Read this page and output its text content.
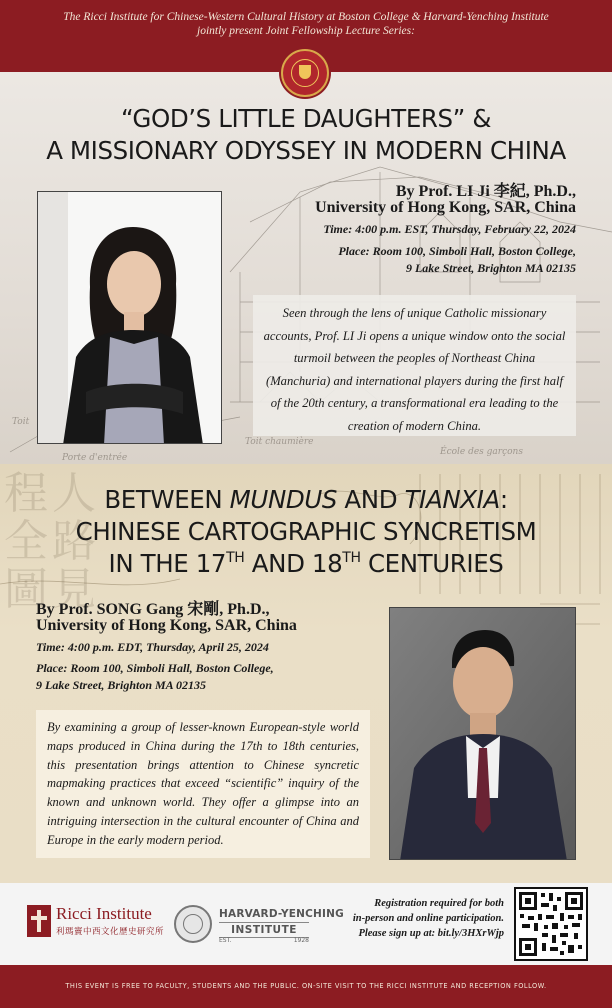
The Ricci Institute for Chinese-Western Cultural History at Boston College & Harvard-Yenching Institute
jointly present Joint Fellowship Lecture Series:
Toit
Porte d'entrée
Toit chaumière
École des garçons
“GOD’S LITTLE DAUGHTERS” &
A MISSIONARY ODYSSEY IN MODERN CHINA
By Prof. LI Ji 李紀, Ph.D.,
University of Hong Kong, SAR, China
Time: 4:00 p.m. EST, Thursday, February 22, 2024
Place: Room 100, Simboli Hall, Boston College,
9 Lake Street, Brighton MA 02135
Seen through the lens of unique Catholic missionary accounts, Prof. LI Ji opens a unique window onto the social turmoil between the peoples of Northeast China (Manchuria) and international players during the first half of the 20th century, a transformational era leading to the creation of modern China.
程
全
圖
人
路
見
BETWEEN MUNDUS AND TIANXIA:
CHINESE CARTOGRAPHIC SYNCRETISM
IN THE 17TH AND 18TH CENTURIES
By Prof. SONG Gang 宋剛, Ph.D.,
University of Hong Kong, SAR, China
Time: 4:00 p.m. EDT, Thursday, April 25, 2024
Place: Room 100, Simboli Hall, Boston College,
9 Lake Street, Brighton MA 02135
By examining a group of lesser-known European-style world maps produced in China during the 17th to 18th centuries, this presentation brings attention to Chinese syncretic mapmaking practices that exceed “scientific” inquiry of the known and unknown world. They offer a glimpse into an intriguing intersection in the cultural encounter of China and Europe in the early modern period.
Ricci Institute
利瑪竇中西文化歷史研究所
HARVARD-YENCHING
INSTITUTE
EST.	1928
Registration required for both
in-person and online participation.
Please sign up at: bit.ly/3HXrWjp
THIS EVENT IS FREE TO FACULTY, STUDENTS AND THE PUBLIC. ON-SITE VISIT TO THE RICCI INSTITUTE AND RECEPTION FOLLOW.
